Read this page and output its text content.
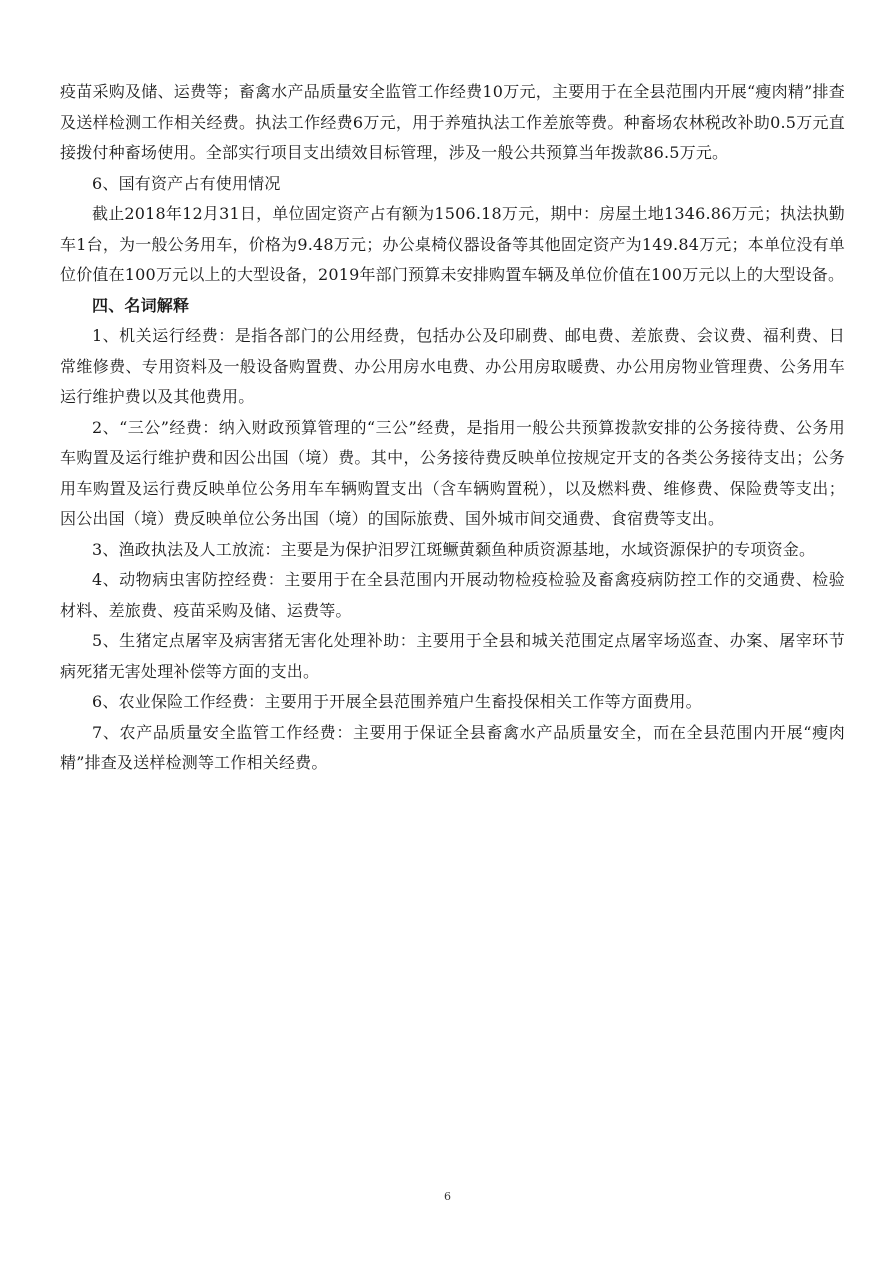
疫苗采购及储、运费等；畜禽水产品质量安全监管工作经费10万元，主要用于在全县范围内开展“瘦肉精”排查及送样检测工作相关经费。执法工作经费6万元，用于养殖执法工作差旅等费。种畜场农林税改补助0.5万元直接拨付种畜场使用。全部实行项目支出绩效目标管理，涉及一般公共预算当年拨款86.5万元。

6、国有资产占有使用情况

截止2018年12月31日，单位固定资产占有额为1506.18万元，期中：房屋土地1346.86万元；执法执勤车1台，为一般公务用车，价格为9.48万元；办公桌椅仪器设备等其他固定资产为149.84万元；本单位没有单位价值在100万元以上的大型设备，2019年部门预算未安排购置车辆及单位价值在100万元以上的大型设备。

四、名词解释

1、机关运行经费：是指各部门的公用经费，包括办公及印刷费、邮电费、差旅费、会议费、福利费、日常维修费、专用资料及一般设备购置费、办公用房水电费、办公用房取暖费、办公用房物业管理费、公务用车运行维护费以及其他费用。

2、“三公”经费：纳入财政预算管理的“三公”经费，是指用一般公共预算拨款安排的公务接待费、公务用车购置及运行维护费和因公出国（境）费。其中，公务接待费反映单位按规定开支的各类公务接待支出；公务用车购置及运行费反映单位公务用车车辆购置支出（含车辆购置税），以及燃料费、维修费、保险费等支出；因公出国（境）费反映单位公务出国（境）的国际旅费、国外城市间交通费、食宿费等支出。

3、渔政执法及人工放流：主要是为保护汨罗江斑鳜黄颡鱼种质资源基地，水域资源保护的专项资金。

4、动物病虫害防控经费：主要用于在全县范围内开展动物检疫检验及畜禽疫病防控工作的交通费、检验材料、差旅费、疫苗采购及储、运费等。

5、生猪定点屠宰及病害猪无害化处理补助：主要用于全县和城关范围定点屠宰场巡查、办案、屠宰环节病死猪无害处理补偿等方面的支出。

6、农业保险工作经费：主要用于开展全县范围养殖户生畜投保相关工作等方面费用。

7、农产品质量安全监管工作经费：主要用于保证全县畜禽水产品质量安全，而在全县范围内开展“瘦肉精”排查及送样检测等工作相关经费。

6
